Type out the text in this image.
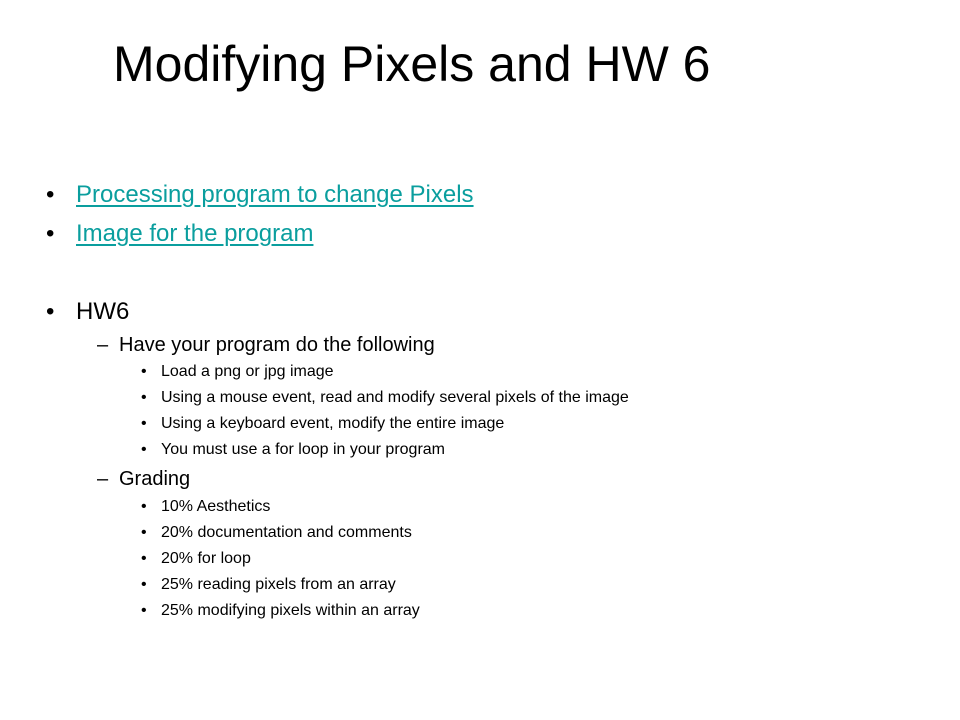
Modifying Pixels and HW 6
• Processing program to change Pixels
• Image for the program
• HW6
– Have your program do the following
• Load a png or jpg image
• Using a mouse event, read and modify several pixels of the image
• Using a keyboard event, modify the entire image
• You must use a for loop in your program
– Grading
• 10% Aesthetics
• 20% documentation and comments
• 20% for loop
• 25% reading pixels from an array
• 25% modifying pixels within an array
